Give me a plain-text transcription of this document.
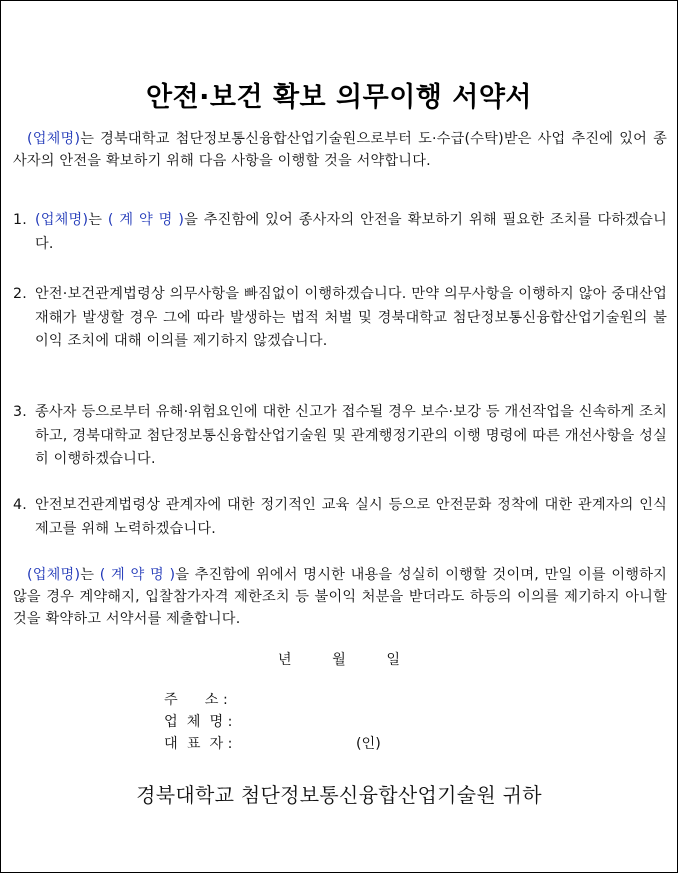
안전·보건 확보 의무이행 서약서
(업체명)는 경북대학교 첨단정보통신융합산업기술원으로부터 도·수급(수탁)받은 사업 추진에 있어 종사자의 안전을 확보하기 위해 다음 사항을 이행할 것을 서약합니다.
1. (업체명)는 ( 계 약 명 )을 추진함에 있어 종사자의 안전을 확보하기 위해 필요한 조치를 다하겠습니다.
2. 안전·보건관계법령상 의무사항을 빠짐없이 이행하겠습니다. 만약 의무사항을 이행하지 않아 중대산업재해가 발생할 경우 그에 따라 발생하는 법적 처벌 및 경북대학교 첨단정보통신융합산업기술원의 불이익 조치에 대해 이의를 제기하지 않겠습니다.
3. 종사자 등으로부터 유해·위험요인에 대한 신고가 접수될 경우 보수·보강 등 개선작업을 신속하게 조치하고, 경북대학교 첨단정보통신융합산업기술원 및 관계행정기관의 이행 명령에 따른 개선사항을 성실히 이행하겠습니다.
4. 안전보건관계법령상 관계자에 대한 정기적인 교육 실시 등으로 안전문화 정착에 대한 관계자의 인식 제고를 위해 노력하겠습니다.
(업체명)는 ( 계 약 명 )을 추진함에 위에서 명시한 내용을 성실히 이행할 것이며, 만일 이를 이행하지 않을 경우 계약해지, 입찰참가자격 제한조치 등 불이익 처분을 받더라도 하등의 이의를 제기하지 아니할 것을 확약하고 서약서를 제출합니다.
년	월	일
주      소 :
업  체  명 :
대  표  자 :	(인)
경북대학교 첨단정보통신융합산업기술원 귀하
